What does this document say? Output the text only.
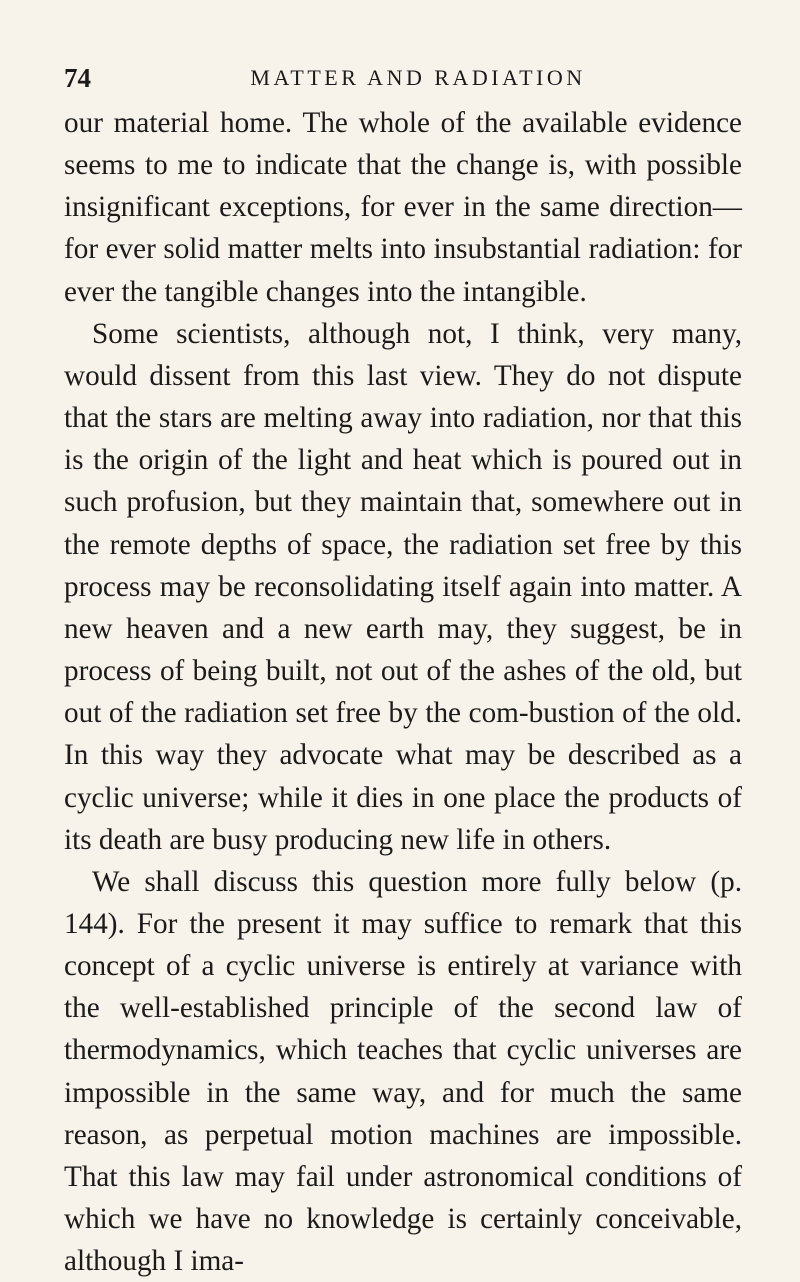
74	MATTER AND RADIATION

our material home. The whole of the available evidence seems to me to indicate that the change is, with possible insignificant exceptions, for ever in the same direction—for ever solid matter melts into insubstantial radiation: for ever the tangible changes into the intangible.

Some scientists, although not, I think, very many, would dissent from this last view. They do not dispute that the stars are melting away into radiation, nor that this is the origin of the light and heat which is poured out in such profusion, but they maintain that, somewhere out in the remote depths of space, the radiation set free by this process may be reconsolidating itself again into matter. A new heaven and a new earth may, they suggest, be in process of being built, not out of the ashes of the old, but out of the radiation set free by the com-bustion of the old. In this way they advocate what may be described as a cyclic universe; while it dies in one place the products of its death are busy producing new life in others.

We shall discuss this question more fully below (p. 144). For the present it may suffice to remark that this concept of a cyclic universe is entirely at variance with the well-established principle of the second law of thermodynamics, which teaches that cyclic universes are impossible in the same way, and for much the same reason, as perpetual motion machines are impossible. That this law may fail under astronomical conditions of which we have no knowledge is certainly conceivable, although I ima-
